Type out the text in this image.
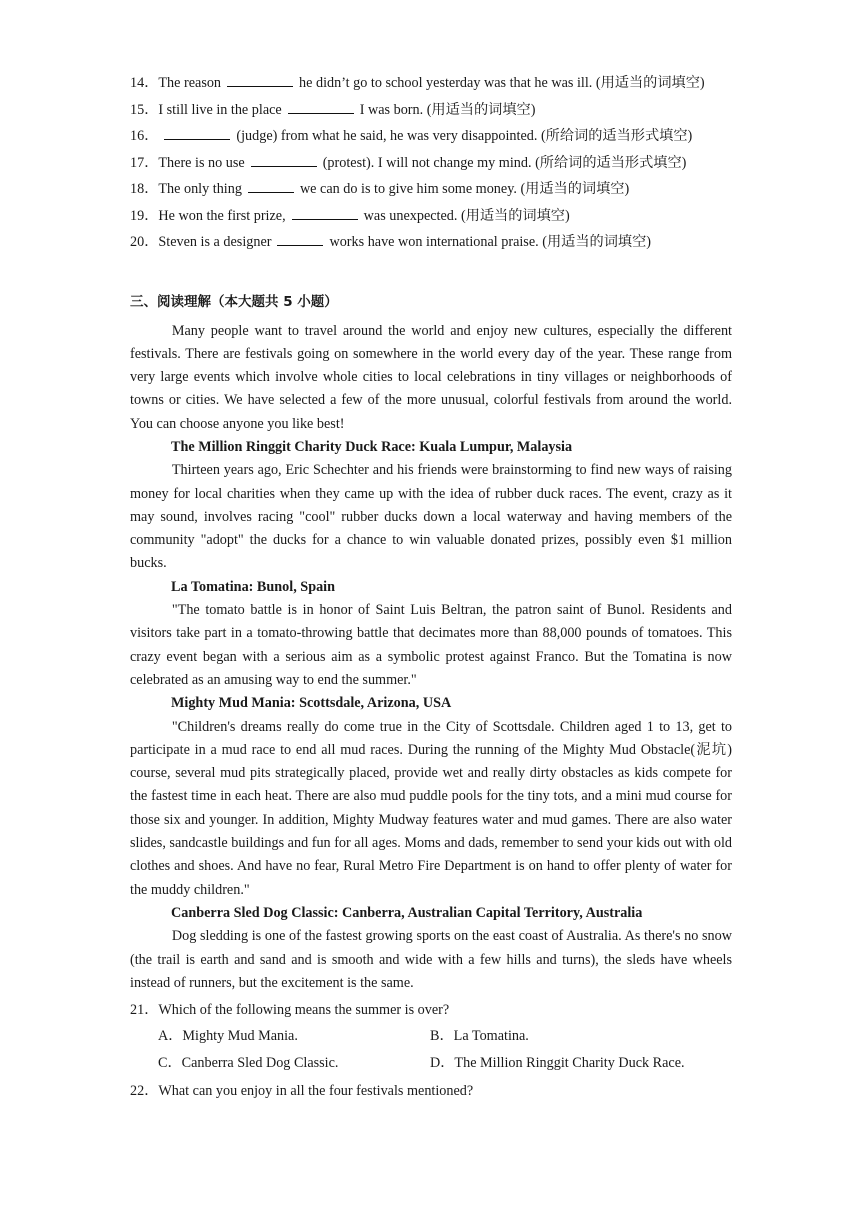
14．The reason	he didn’t go to school yesterday was that he was ill. (用适当的词填空)
15．I still live in the place	I was born. (用适当的词填空)
16．	(judge) from what he said, he was very disappointed. (所给词的适当形式填空)
17．There is no use	(protest). I will not change my mind. (所给词的适当形式填空)
18．The only thing	we can do is to give him some money. (用适当的词填空)
19．He won the first prize,	was unexpected. (用适当的词填空)
20．Steven is a designer	works have won international praise. (用适当的词填空)
三、阅读理解（本大题共 5 小题）

Many people want to travel around the world and enjoy new cultures, especially the different festivals. There are festivals going on somewhere in the world every day of the year. These range from very large events which involve whole cities to local celebrations in tiny villages or neighborhoods of towns or cities. We have selected a few of the more unusual, colorful festivals from around the world. You can choose anyone you like best!

The Million Ringgit Charity Duck Race: Kuala Lumpur, Malaysia

Thirteen years ago, Eric Schechter and his friends were brainstorming to find new ways of raising money for local charities when they came up with the idea of rubber duck races. The event, crazy as it may sound, involves racing "cool" rubber ducks down a local waterway and having members of the community "adopt" the ducks for a chance to win valuable donated prizes, possibly even $1 million bucks.

La Tomatina: Bunol, Spain

"The tomato battle is in honor of Saint Luis Beltran, the patron saint of Bunol. Residents and visitors take part in a tomato-throwing battle that decimates more than 88,000 pounds of tomatoes. This crazy event began with a serious aim as a symbolic protest against Franco. But the Tomatina is now celebrated as an amusing way to end the summer."

Mighty Mud Mania: Scottsdale, Arizona, USA

"Children's dreams really do come true in the City of Scottsdale. Children aged 1 to 13, get to participate in a mud race to end all mud races. During the running of the Mighty Mud Obstacle(泥坑) course, several mud pits strategically placed, provide wet and really dirty obstacles as kids compete for the fastest time in each heat. There are also mud puddle pools for the tiny tots, and a mini mud course for those six and younger. In addition, Mighty Mudway features water and mud games. There are also water slides, sandcastle buildings and fun for all ages. Moms and dads, remember to send your kids out with old clothes and shoes. And have no fear, Rural Metro Fire Department is on hand to offer plenty of water for the muddy children."

Canberra Sled Dog Classic: Canberra, Australian Capital Territory, Australia

Dog sledding is one of the fastest growing sports on the east coast of Australia. As there's no snow (the trail is earth and sand and is smooth and wide with a few hills and turns), the sleds have wheels instead of runners, but the excitement is the same.

21．Which of the following means the summer is over?
A．Mighty Mud Mania.	B．La Tomatina.
C．Canberra Sled Dog Classic.	D．The Million Ringgit Charity Duck Race.
22．What can you enjoy in all the four festivals mentioned?
